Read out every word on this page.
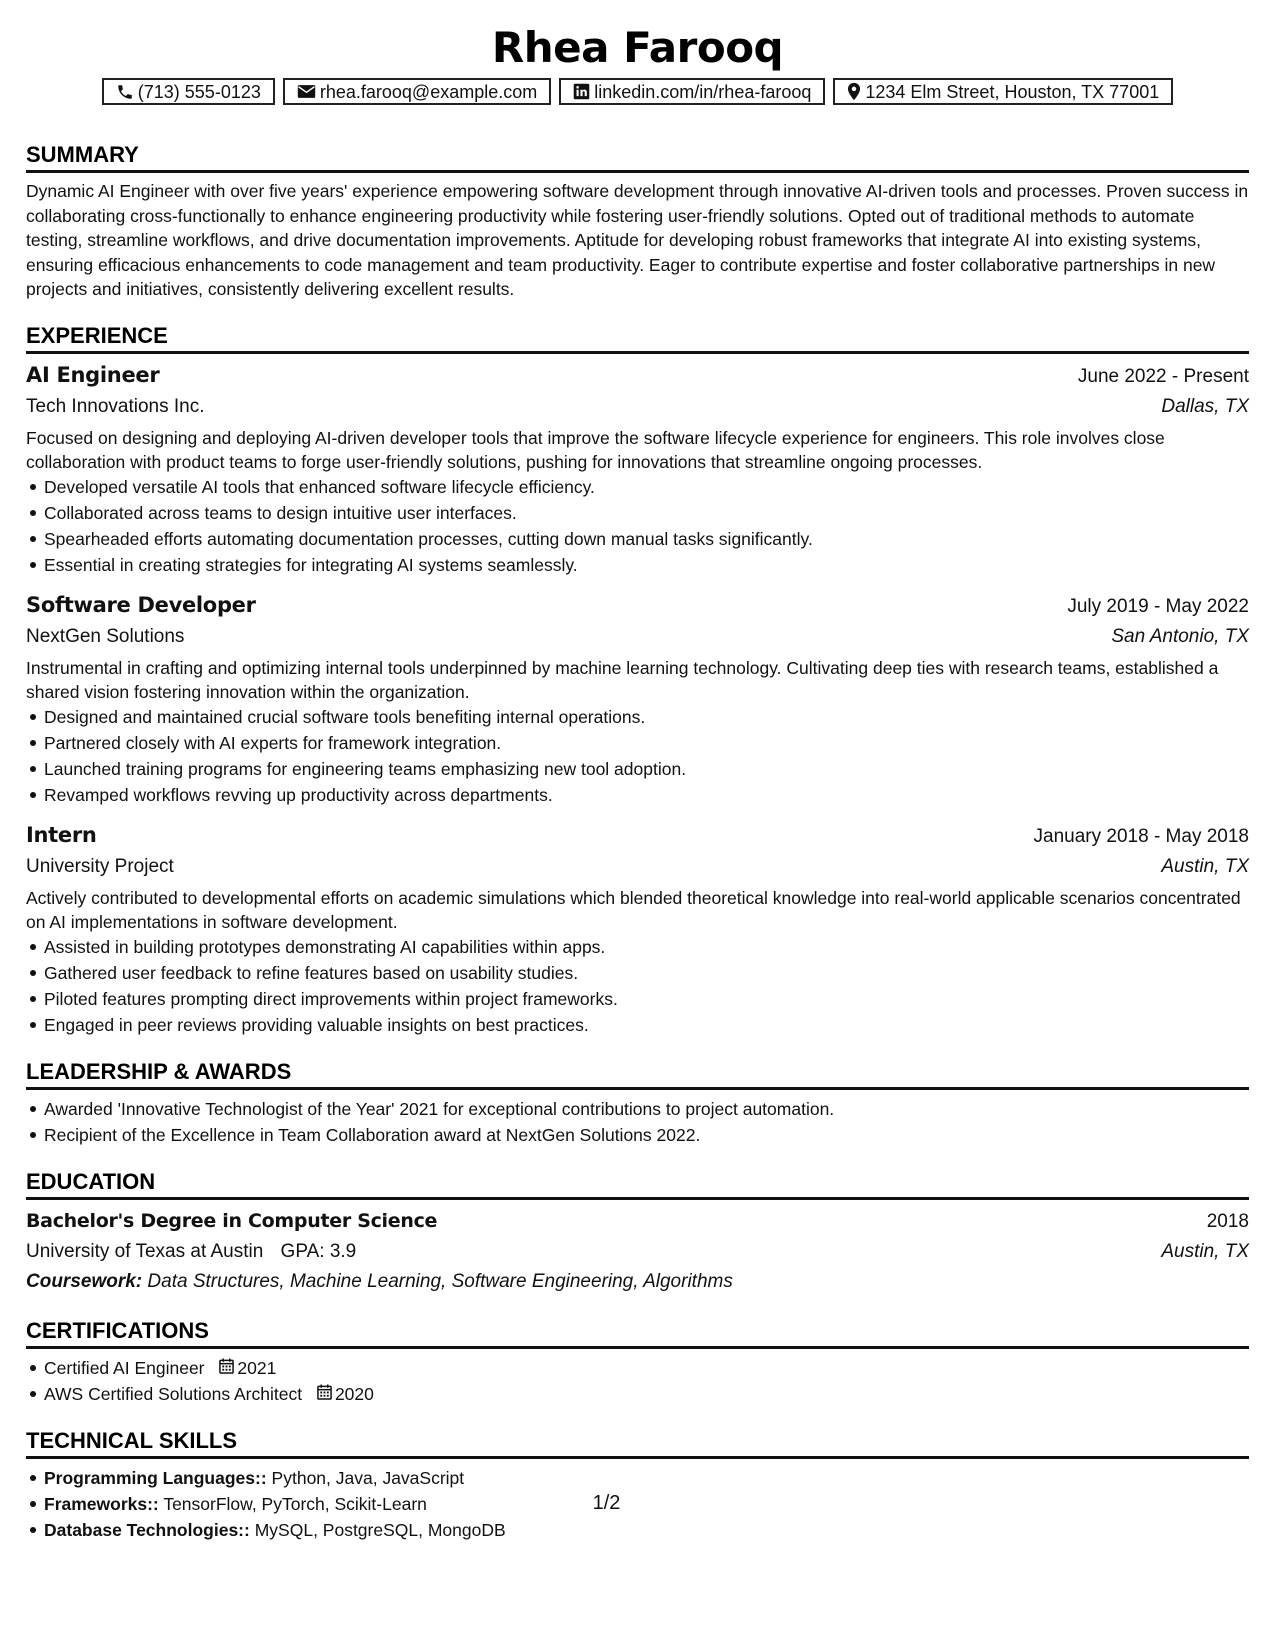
Rhea Farooq
(713) 555-0123	rhea.farooq@example.com	linkedin.com/in/rhea-farooq	1234 Elm Street, Houston, TX 77001
SUMMARY

Dynamic AI Engineer with over five years' experience empowering software development through innovative AI-driven tools and processes. Proven success in collaborating cross-functionally to enhance engineering productivity while fostering user-friendly solutions. Opted out of traditional methods to automate testing, streamline workflows, and drive documentation improvements. Aptitude for developing robust frameworks that integrate AI into existing systems, ensuring efficacious enhancements to code management and team productivity. Eager to contribute expertise and foster collaborative partnerships in new projects and initiatives, consistently delivering excellent results.

EXPERIENCE
AI Engineer	June 2022 - Present
Tech Innovations Inc.	Dallas, TX
Focused on designing and deploying AI-driven developer tools that improve the software lifecycle experience for engineers. This role involves close collaboration with product teams to forge user-friendly solutions, pushing for innovations that streamline ongoing processes.
Developed versatile AI tools that enhanced software lifecycle efficiency.
Collaborated across teams to design intuitive user interfaces.
Spearheaded efforts automating documentation processes, cutting down manual tasks significantly.
Essential in creating strategies for integrating AI systems seamlessly.
Software Developer	July 2019 - May 2022
NextGen Solutions	San Antonio, TX
Instrumental in crafting and optimizing internal tools underpinned by machine learning technology. Cultivating deep ties with research teams, established a shared vision fostering innovation within the organization.
Designed and maintained crucial software tools benefiting internal operations.
Partnered closely with AI experts for framework integration.
Launched training programs for engineering teams emphasizing new tool adoption.
Revamped workflows revving up productivity across departments.
Intern	January 2018 - May 2018
University Project	Austin, TX
Actively contributed to developmental efforts on academic simulations which blended theoretical knowledge into real-world applicable scenarios concentrated on AI implementations in software development.
Assisted in building prototypes demonstrating AI capabilities within apps.
Gathered user feedback to refine features based on usability studies.
Piloted features prompting direct improvements within project frameworks.
Engaged in peer reviews providing valuable insights on best practices.
LEADERSHIP & AWARDS
Awarded 'Innovative Technologist of the Year' 2021 for exceptional contributions to project automation.
Recipient of the Excellence in Team Collaboration award at NextGen Solutions 2022.
EDUCATION
Bachelor's Degree in Computer Science	2018
University of Texas at Austin GPA: 3.9	Austin, TX
Coursework: Data Structures, Machine Learning, Software Engineering, Algorithms
CERTIFICATIONS
Certified AI Engineer 2021
AWS Certified Solutions Architect 2020
TECHNICAL SKILLS
Programming Languages:: Python, Java, JavaScript
Frameworks:: TensorFlow, PyTorch, Scikit-Learn
Database Technologies:: MySQL, PostgreSQL, MongoDB
1/2
